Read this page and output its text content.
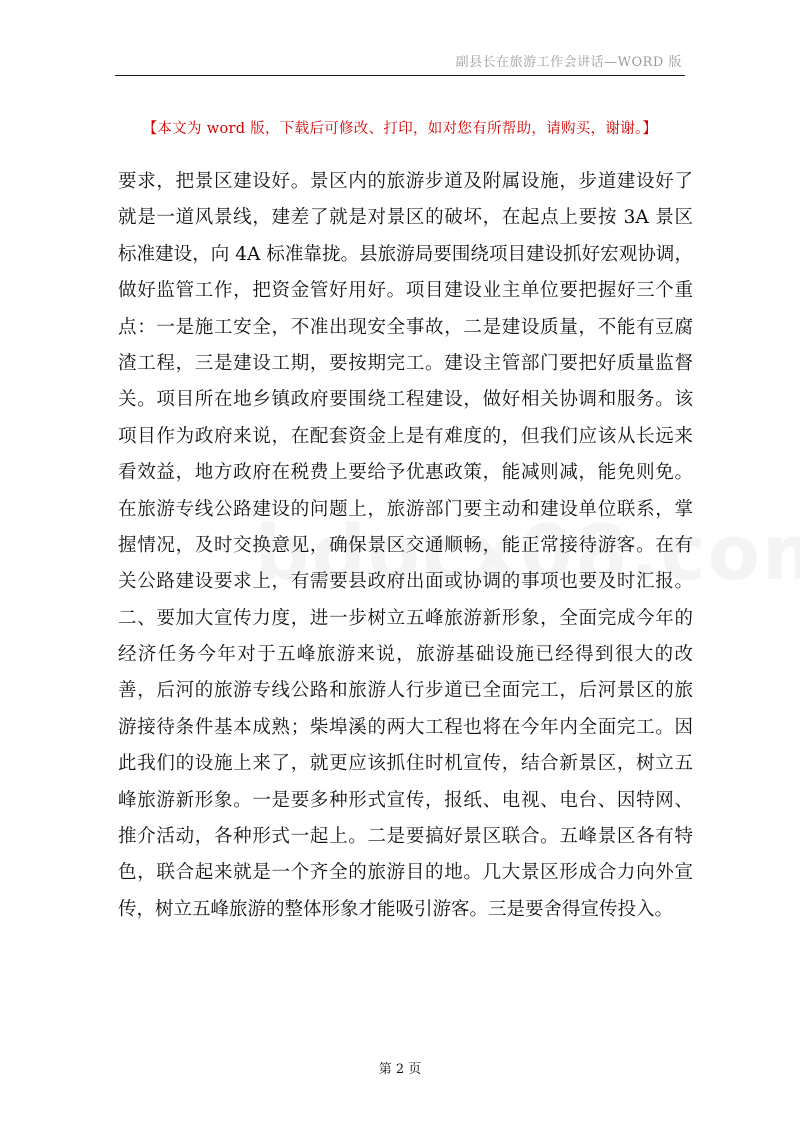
副县长在旅游工作会讲话—WORD 版
【本文为 word 版，下载后可修改、打印，如对您有所帮助，请购买，谢谢。】
要求，把景区建设好。景区内的旅游步道及附属设施，步道建设好了
就是一道风景线，建差了就是对景区的破坏，在起点上要按 3A 景区
标准建设，向 4A 标准靠拢。县旅游局要围绕项目建设抓好宏观协调，
做好监管工作，把资金管好用好。项目建设业主单位要把握好三个重
点：一是施工安全，不准出现安全事故，二是建设质量，不能有豆腐
渣工程，三是建设工期，要按期完工。建设主管部门要把好质量监督
关。项目所在地乡镇政府要围绕工程建设，做好相关协调和服务。该
项目作为政府来说，在配套资金上是有难度的，但我们应该从长远来
看效益，地方政府在税费上要给予优惠政策，能减则减，能免则免。
在旅游专线公路建设的问题上，旅游部门要主动和建设单位联系，掌
握情况，及时交换意见，确保景区交通顺畅，能正常接待游客。在有
关公路建设要求上，有需要县政府出面或协调的事项也要及时汇报。
二、要加大宣传力度，进一步树立五峰旅游新形象，全面完成今年的
经济任务今年对于五峰旅游来说，旅游基础设施已经得到很大的改
善，后河的旅游专线公路和旅游人行步道已全面完工，后河景区的旅
游接待条件基本成熟；柴埠溪的两大工程也将在今年内全面完工。因
此我们的设施上来了，就更应该抓住时机宣传，结合新景区，树立五
峰旅游新形象。一是要多种形式宣传，报纸、电视、电台、因特网、
推介活动，各种形式一起上。二是要搞好景区联合。五峰景区各有特
色，联合起来就是一个齐全的旅游目的地。几大景区形成合力向外宣
传，树立五峰旅游的整体形象才能吸引游客。三是要舍得宣传投入。
第 2 页
